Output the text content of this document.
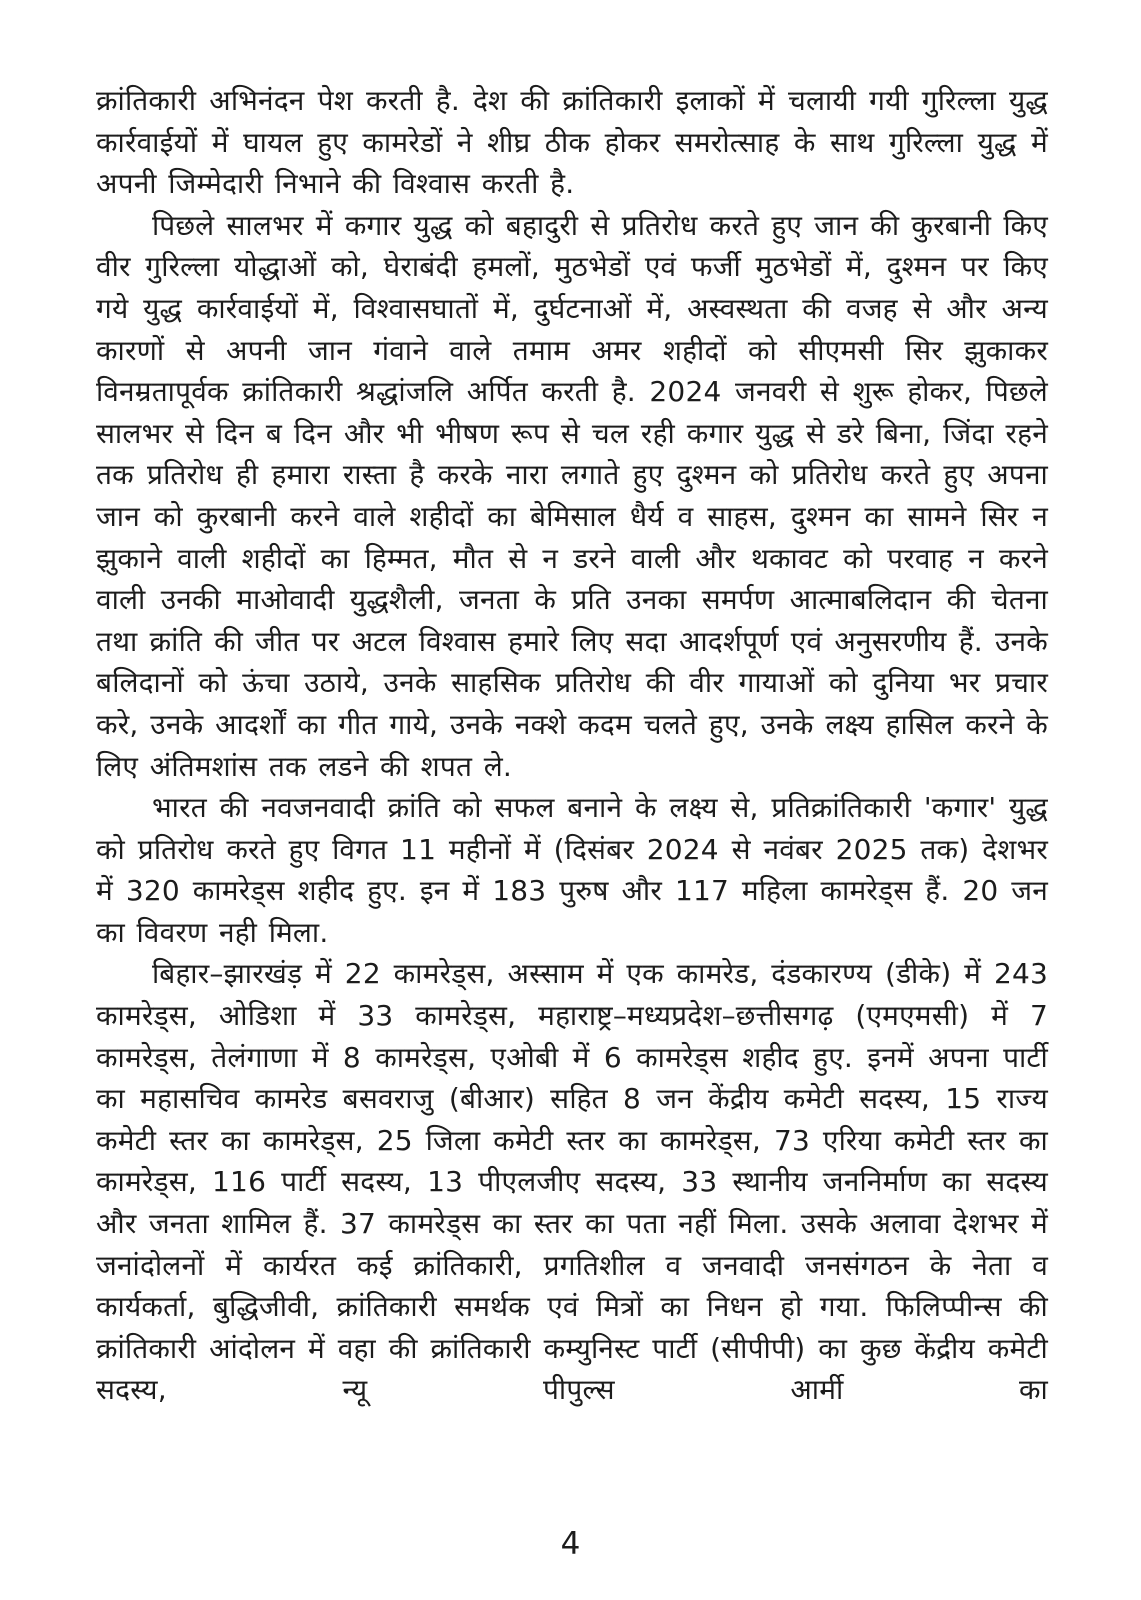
क्रांतिकारी अभिनंदन पेश करती है. देश की क्रांतिकारी इलाकों में चलायी गयी गुरिल्ला युद्ध कार्रवाईयों में घायल हुए कामरेडों ने शीघ्र ठीक होकर समरोत्साह के साथ गुरिल्ला युद्ध में अपनी जिम्मेदारी निभाने की विश्वास करती है.

पिछले सालभर में कगार युद्ध को बहादुरी से प्रतिरोध करते हुए जान की कुरबानी किए वीर गुरिल्ला योद्धाओं को, घेराबंदी हमलों, मुठभेडों एवं फर्जी मुठभेडों में, दुश्मन पर किए गये युद्ध कार्रवाईयों में, विश्वासघातों में, दुर्घटनाओं में, अस्वस्थता की वजह से और अन्य कारणों से अपनी जान गंवाने वाले तमाम अमर शहीदों को सीएमसी सिर झुकाकर विनम्रतापूर्वक क्रांतिकारी श्रद्धांजलि अर्पित करती है. 2024 जनवरी से शुरू होकर, पिछले सालभर से दिन ब दिन और भी भीषण रूप से चल रही कगार युद्ध से डरे बिना, जिंदा रहने तक प्रतिरोध ही हमारा रास्ता है करके नारा लगाते हुए दुश्मन को प्रतिरोध करते हुए अपना जान को कुरबानी करने वाले शहीदों का बेमिसाल धैर्य व साहस, दुश्मन का सामने सिर न झुकाने वाली शहीदों का हिम्मत, मौत से न डरने वाली और थकावट को परवाह न करने वाली उनकी माओवादी युद्धशैली, जनता के प्रति उनका समर्पण आत्माबलिदान की चेतना तथा क्रांति की जीत पर अटल विश्वास हमारे लिए सदा आदर्शपूर्ण एवं अनुसरणीय हैं. उनके बलिदानों को ऊंचा उठाये, उनके साहसिक प्रतिरोध की वीर गायाओं को दुनिया भर प्रचार करे, उनके आदर्शों का गीत गाये, उनके नक्शे कदम चलते हुए, उनके लक्ष्य हासिल करने के लिए अंतिमशांस तक लडने की शपत ले.

भारत की नवजनवादी क्रांति को सफल बनाने के लक्ष्य से, प्रतिक्रांतिकारी 'कगार' युद्ध को प्रतिरोध करते हुए विगत 11 महीनों में (दिसंबर 2024 से नवंबर 2025 तक) देशभर में 320 कामरेड्स शहीद हुए. इन में 183 पुरुष और 117 महिला कामरेड्स हैं. 20 जन का विवरण नही मिला.

बिहार–झारखंड़ में 22 कामरेड्स, अस्साम में एक कामरेड, दंडकारण्य (डीके) में 243 कामरेड्स, ओडिशा में 33 कामरेड्स, महाराष्ट्र–मध्यप्रदेश–छत्तीसगढ़ (एमएमसी) में 7 कामरेड्स, तेलंगाणा में 8 कामरेड्स, एओबी में 6 कामरेड्स शहीद हुए. इनमें अपना पार्टी का महासचिव कामरेड बसवराजु (बीआर) सहित 8 जन केंद्रीय कमेटी सदस्य, 15 राज्य कमेटी स्तर का कामरेड्स, 25 जिला कमेटी स्तर का कामरेड्स, 73 एरिया कमेटी स्तर का कामरेड्स, 116 पार्टी सदस्य, 13 पीएलजीए सदस्य, 33 स्थानीय जननिर्माण का सदस्य और जनता शामिल हैं. 37 कामरेड्स का स्तर का पता नहीं मिला. उसके अलावा देशभर में जनांदोलनों में कार्यरत कई क्रांतिकारी, प्रगतिशील व जनवादी जनसंगठन के नेता व कार्यकर्ता, बुद्धिजीवी, क्रांतिकारी समर्थक एवं मित्रों का निधन हो गया. फिलिप्पीन्स की क्रांतिकारी आंदोलन में वहा की क्रांतिकारी कम्युनिस्ट पार्टी (सीपीपी) का कुछ केंद्रीय कमेटी सदस्य, न्यू पीपुल्स आर्मी का

4
